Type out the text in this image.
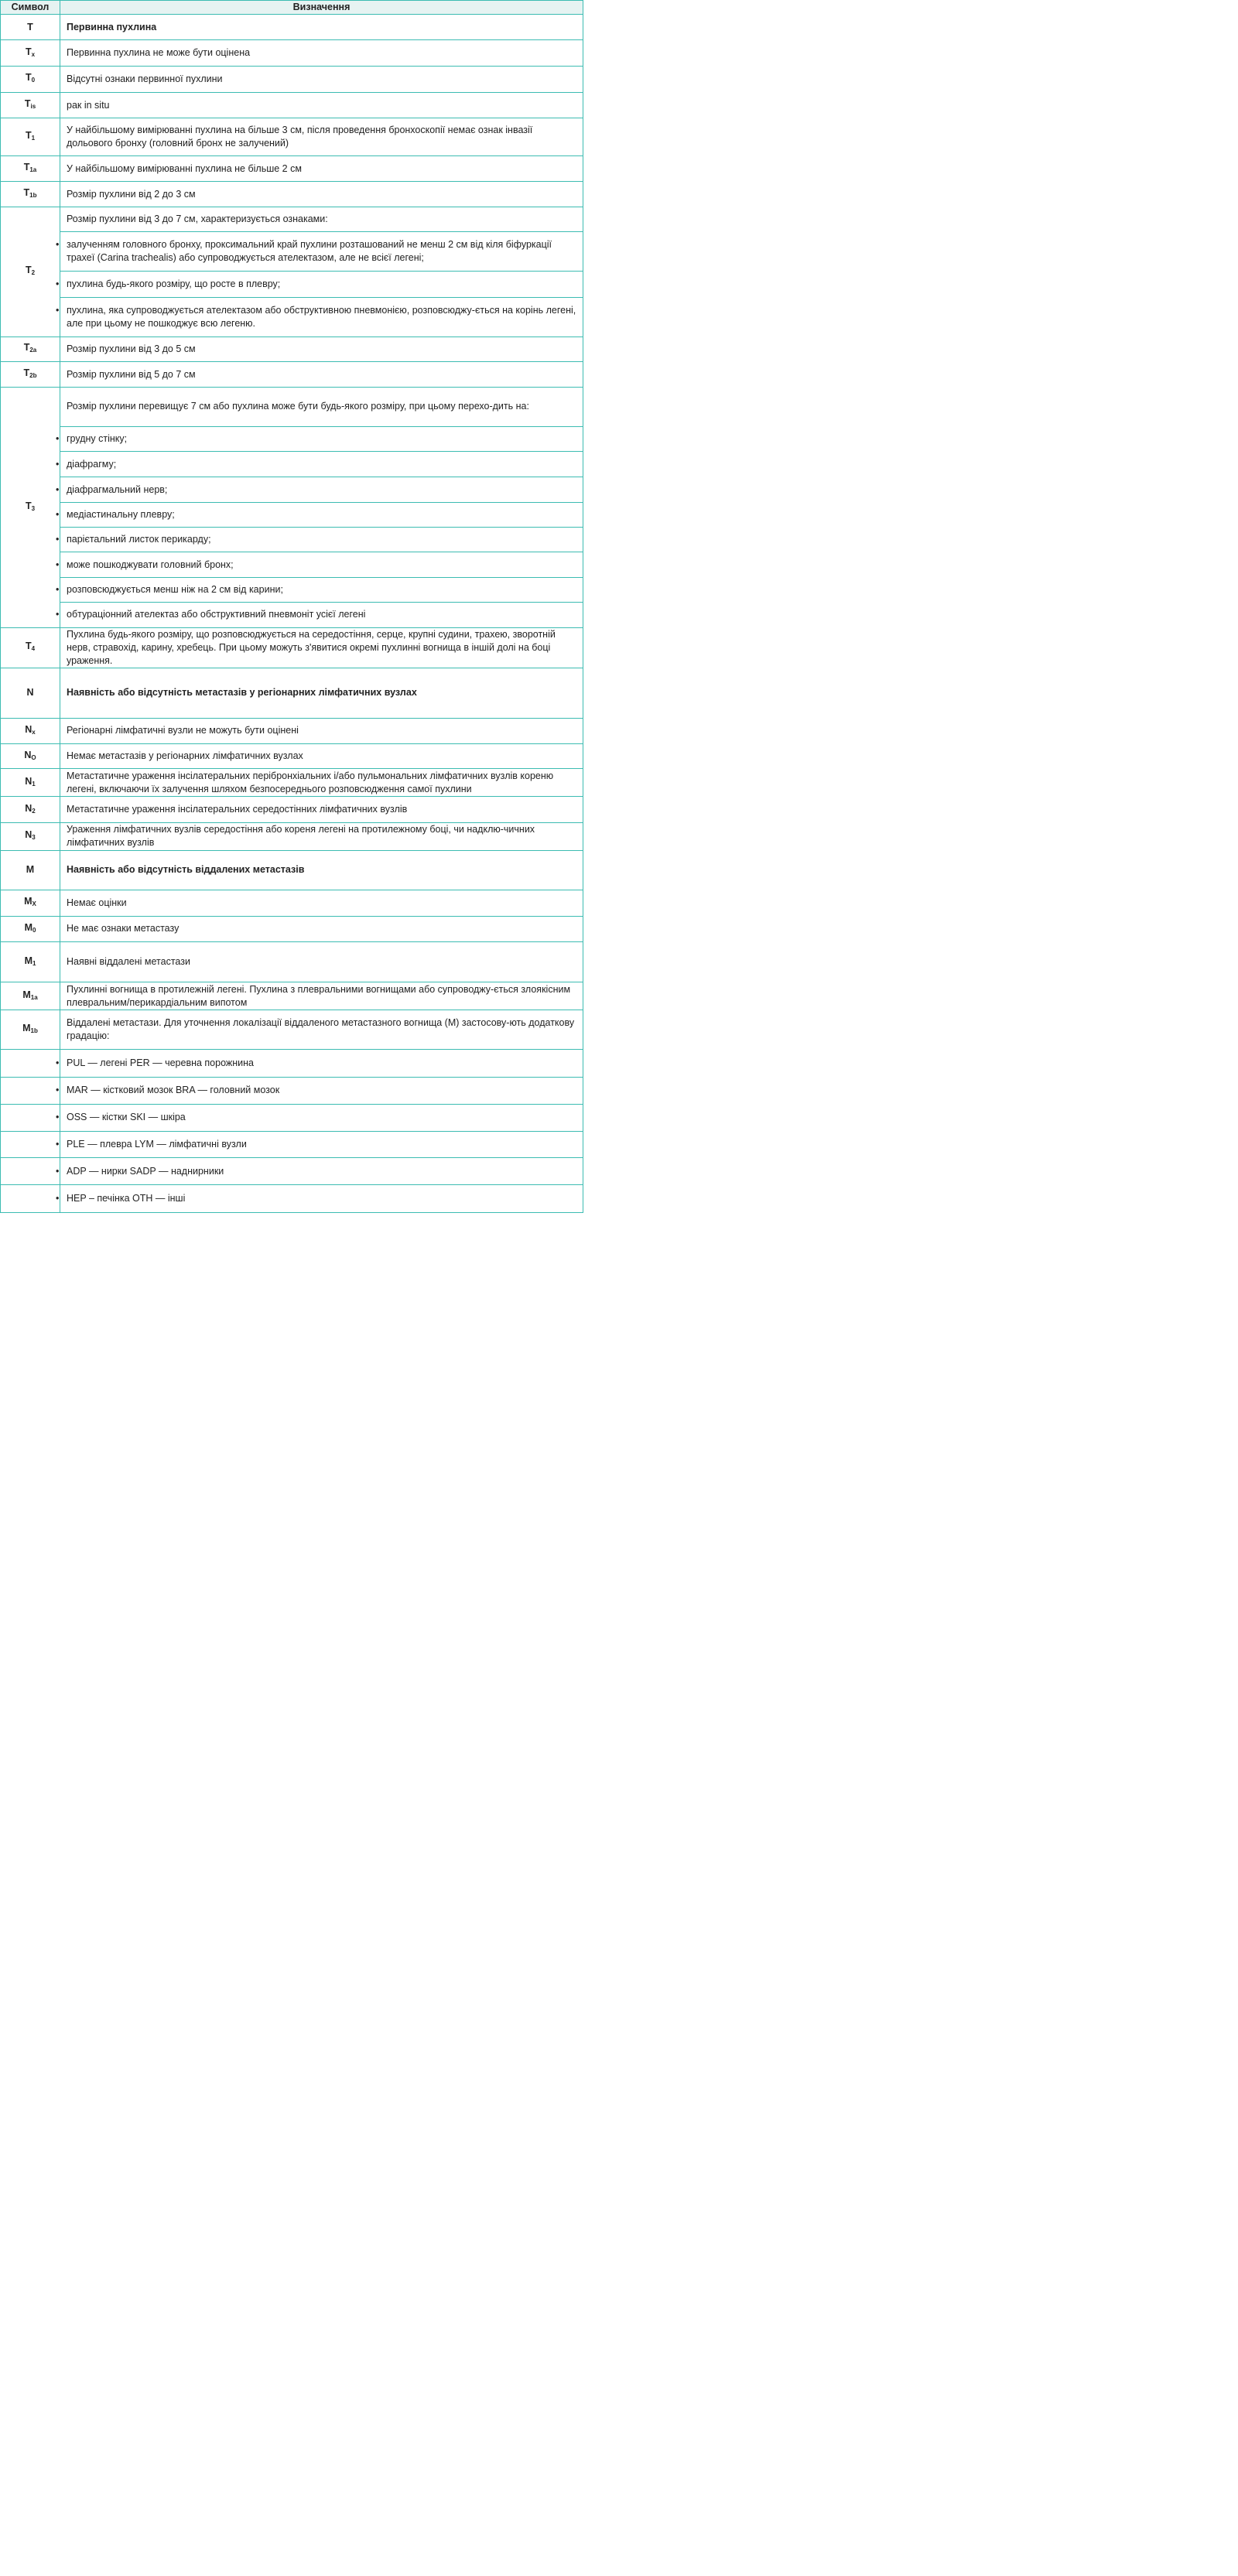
Символ	Визначення
T	Первинна пухлина
$T_x$	Первинна пухлина не може бути оцінена
$T_0$	Відсутні ознаки первинної пухлини
$T_{is}$	рак in situ
$T_1$	У найбільшому вимірюванні пухлина на більше 3 см, після проведення бронхоскопії немає ознак інвазії дольового бронху (головний бронх не залучений)
$T_{1a}$	У найбільшому вимірюванні пухлина не більше 2 см
$T_{1b}$	Розмір пухлини від 2 до 3 см
$T_2$	Розмір пухлини від 3 до 7 см, характеризується ознаками:
	• залученням головного бронху, проксимальний край пухлини розташований не менш 2 см від кіля біфуркації трахеї (Carina trachealis) або супроводжується ателектазом, але не всієї легені;
	• пухлина будь-якого розміру, що росте в плевру;
	• пухлина, яка супроводжується ателектазом або обструктивною пневмонією, розповсюджу-ється на корінь легені, але при цьому не пошкоджує всю легеню.
$T_{2a}$	Розмір пухлини від 3 до 5 см
$T_{2b}$	Розмір пухлини від 5 до 7 см
$T_3$	Розмір пухлини перевищує 7 см або пухлина може бути будь-якого розміру, при цьому перехо-дить на:
	• грудну стінку;
	• діафрагму;
	• діафрагмальний нерв;
	• медіастинальну плевру;
	• парієтальний листок перикарду;
	• може пошкоджувати головний бронх;
	• розповсюджується менш ніж на 2 см від карини;
	• обтураціонний ателектаз або обструктивний пневмоніт усієї легені
$T_4$	Пухлина будь-якого розміру, що розповсюджується на середостіння, серце, крупні судини, трахею, зворотній нерв, стравохід, карину, хребець. При цьому можуть з'явитися окремі пухлинні вогнища в іншій долі на боці ураження.
N	Наявність або відсутність метастазів у регіонарних лімфатичних вузлах
$N_x$	Регіонарні лімфатичні вузли не можуть бути оцінені
$N_O$	Немає метастазів у регіонарних лімфатичних вузлах
$N_1$	Метастатичне ураження інсілатеральних перібронхіальних і/або пульмональних лімфатичних вузлів кореню легені, включаючи їх залучення шляхом безпосереднього розповсюдження самої пухлини
$N_2$	Метастатичне ураження інсілатеральних середостінних лімфатичних вузлів
$N_3$	Ураження лімфатичних вузлів середостіння або кореня легені на протилежному боці, чи надклю-чичних лімфатичних вузлів
M	Наявність або відсутність віддалених метастазів
$M_X$	Немає оцінки
$M_0$	Не має ознаки метастазу
$M_1$	Наявні віддалені метастази
$M_{1a}$	Пухлинні вогнища в протилежній легені. Пухлина з плевральними вогнищами або супроводжу-ється злоякісним плевральним/перикардіальним випотом
$M_{1b}$	Віддалені метастази. Для уточнення локалізації віддаленого метастазного вогнища (М) застосову-ють додаткову градацію:
	• PUL — легені PER — черевна порожнина
	• MAR — кістковий мозок BRA — головний мозок
	• OSS — кістки SKI — шкіра
	• PLE — плевра LYM — лімфатичні вузли
	• ADP — нирки SADP — наднирники
	• HEP – печінка OTH — інші
